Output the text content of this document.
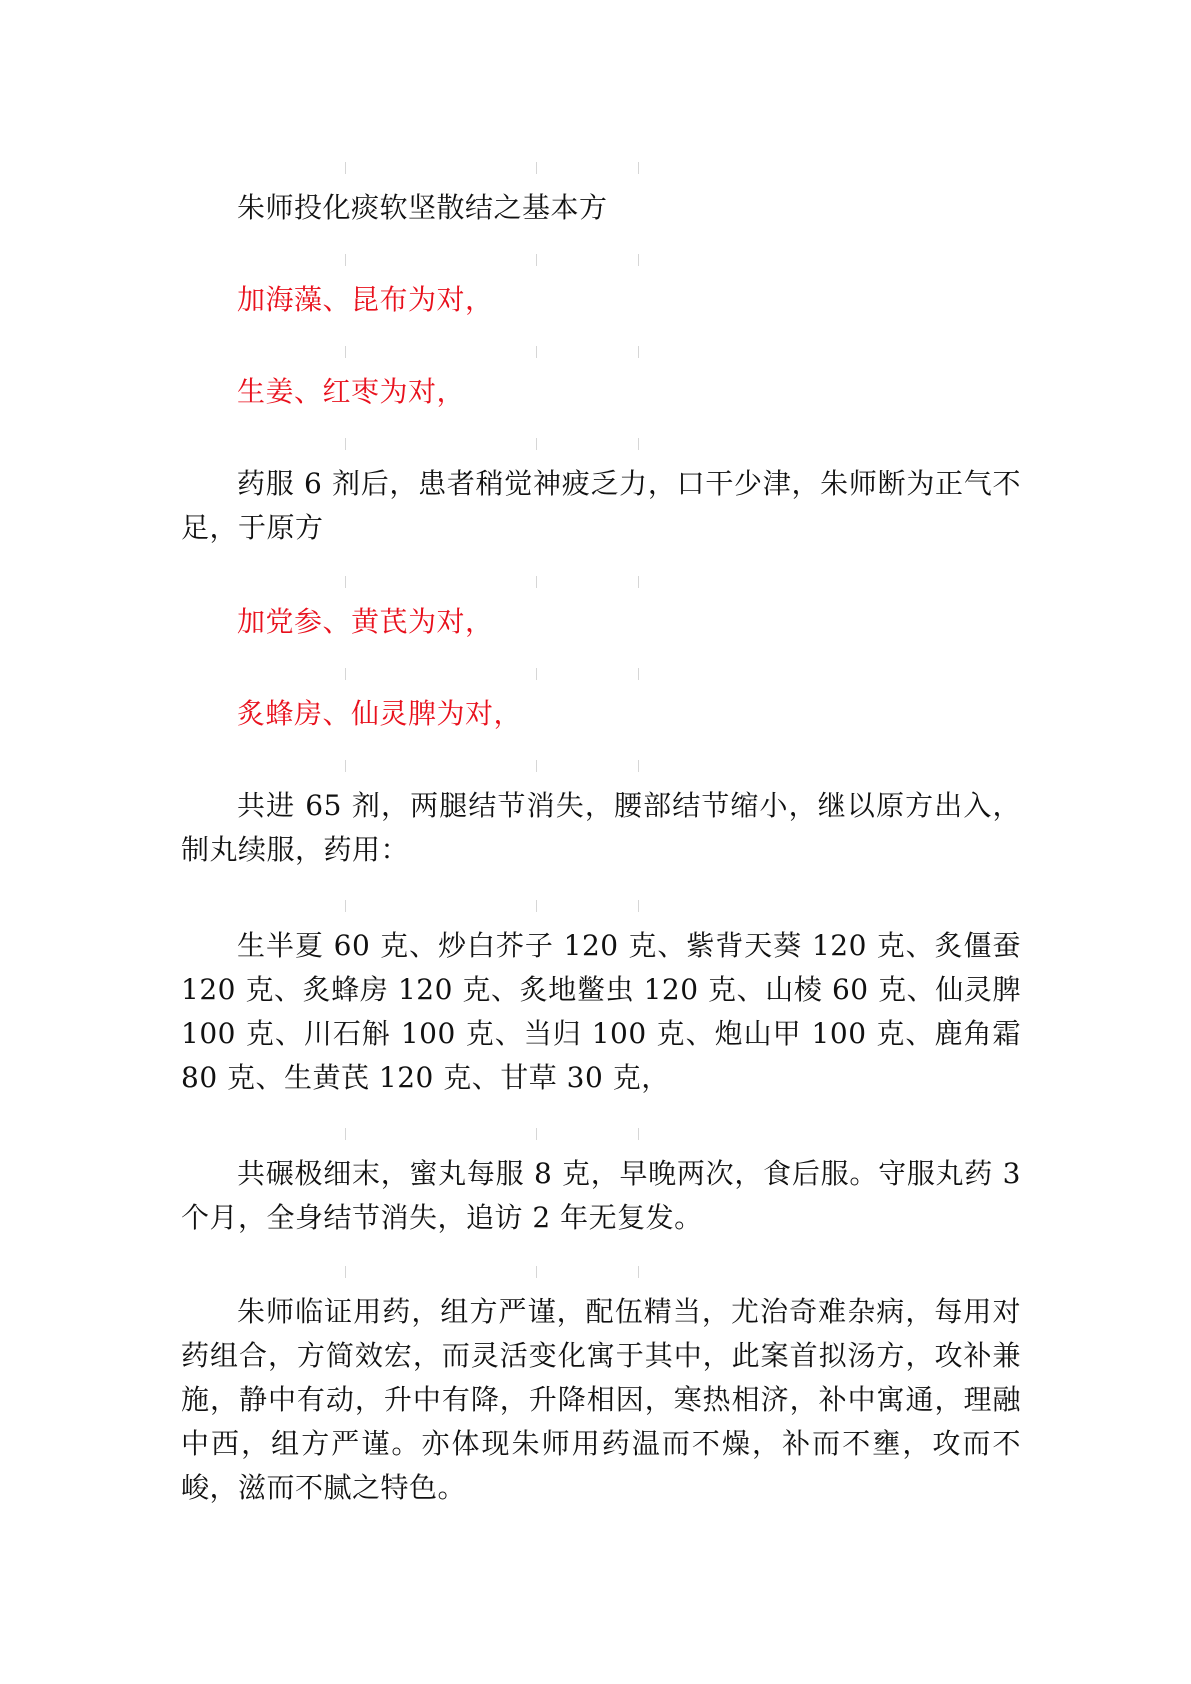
朱师投化痰软坚散结之基本方

加海藻、昆布为对，

生姜、红枣为对，

药服 6 剂后，患者稍觉神疲乏力，口干少津，朱师断为正气不足，于原方

加党参、黄芪为对，

炙蜂房、仙灵脾为对，

共进 65 剂，两腿结节消失，腰部结节缩小，继以原方出入，制丸续服，药用：

生半夏 60 克、炒白芥子 120 克、紫背天葵 120 克、炙僵蚕 120 克、炙蜂房 120 克、炙地鳖虫 120 克、山棱 60 克、仙灵脾 100 克、川石斛 100 克、当归 100 克、炮山甲 100 克、鹿角霜 80 克、生黄芪 120 克、甘草 30 克，

共碾极细末，蜜丸每服 8 克，早晚两次，食后服。守服丸药 3 个月，全身结节消失，追访 2 年无复发。

朱师临证用药，组方严谨，配伍精当，尤治奇难杂病，每用对药组合，方简效宏，而灵活变化寓于其中，此案首拟汤方，攻补兼施，静中有动，升中有降，升降相因，寒热相济，补中寓通，理融中西，组方严谨。亦体现朱师用药温而不燥，补而不壅，攻而不峻，滋而不腻之特色。
